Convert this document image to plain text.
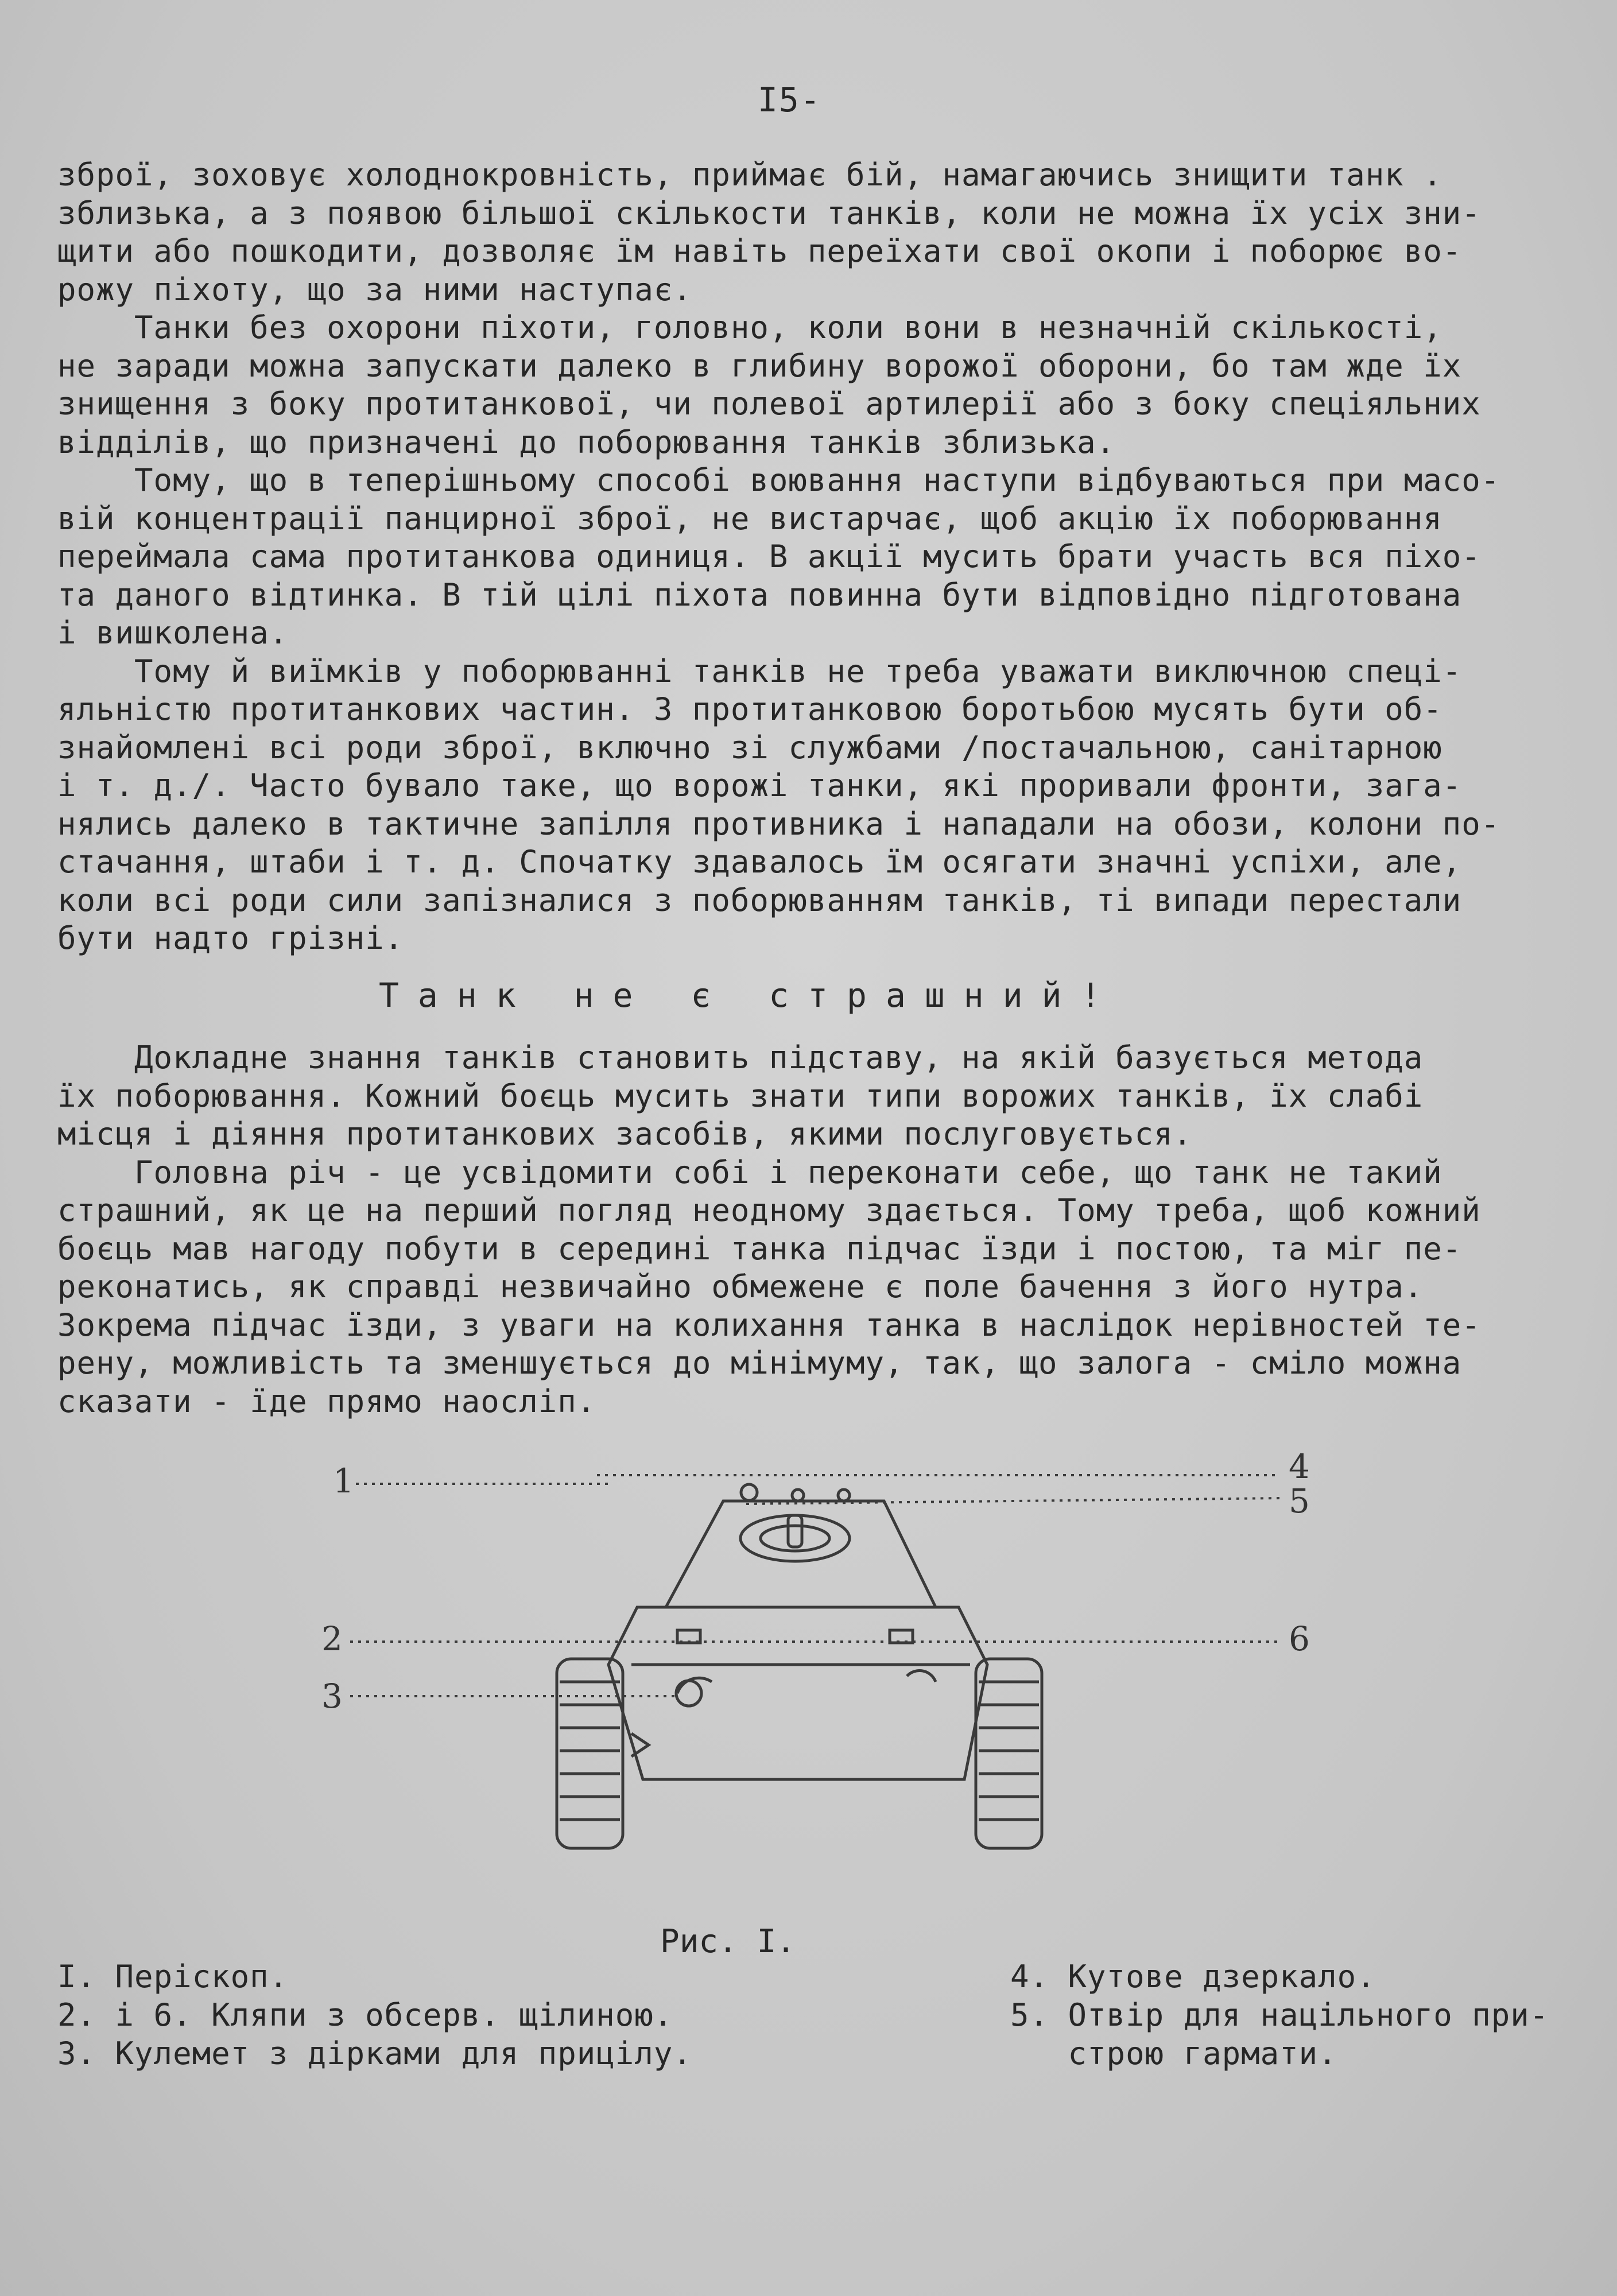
I5-
зброї, зоховує холоднокровність, приймає бій, намагаючись знищити танк .
зблизька, а з появою більшої скількости танків, коли не можна їх усіх зни-
щити або пошкодити, дозволяє їм навіть переїхати свої окопи і поборює во-
рожу піхоту, що за ними наступає.
Танки без охорони піхоти, головно, коли вони в незначній скількості,
не заради можна запускати далеко в глибину ворожої оборони, бо там жде їх
знищення з боку протитанкової, чи полевої артилерії або з боку спеціяльних
відділів, що призначені до поборювання танків зблизька.
Тому, що в теперішньому способі воювання наступи відбуваються при масо-
вій концентрації панцирної зброї, не вистарчає, щоб акцію їх поборювання
переймала сама протитанкова одиниця. В акції мусить брати участь вся піхо-
та даного відтинка. В тій цілі піхота повинна бути відповідно підготована
і вишколена.
Тому й виїмків у поборюванні танків не треба уважати виключною спеці-
яльністю протитанкових частин. З протитанковою боротьбою мусять бути об-
знайомлені всі роди зброї, включно зі службами /постачальною, санітарною
і т. д./. Часто бувало таке, що ворожі танки, які проривали фронти, зага-
нялись далеко в тактичне запілля противника і нападали на обози, колони по-
стачання, штаби і т. д. Спочатку здавалось їм осягати значні успіхи, але,
коли всі роди сили запізналися з поборюванням танків, ті випади перестали
бути надто грізні.
Танк не є страшний!
Докладне знання танків становить підставу, на якій базується метода
їх поборювання. Кожний боєць мусить знати типи ворожих танків, їх слабі
місця і діяння протитанкових засобів, якими послуговується.
Головна річ - це усвідомити собі і переконати себе, що танк не такий
страшний, як це на перший погляд неодному здається. Тому треба, щоб кожний
боєць мав нагоду побути в середині танка підчас їзди і постою, та міг пе-
реконатись, як справді незвичайно обмежене є поле бачення з його нутра.
Зокрема підчас їзди, з уваги на колихання танка в наслідок нерівностей те-
рену, можливість та зменшується до мінімуму, так, що залога - сміло можна
сказати - їде прямо наосліп.
1	4
5
2	6
3
Рис. I.
I. Періскоп.
2. і 6. Кляпи з обсерв. щілиною.
3. Кулемет з дірками для прицілу.
4. Кутове дзеркало.
5. Отвір для націльного при-
строю гармати.
